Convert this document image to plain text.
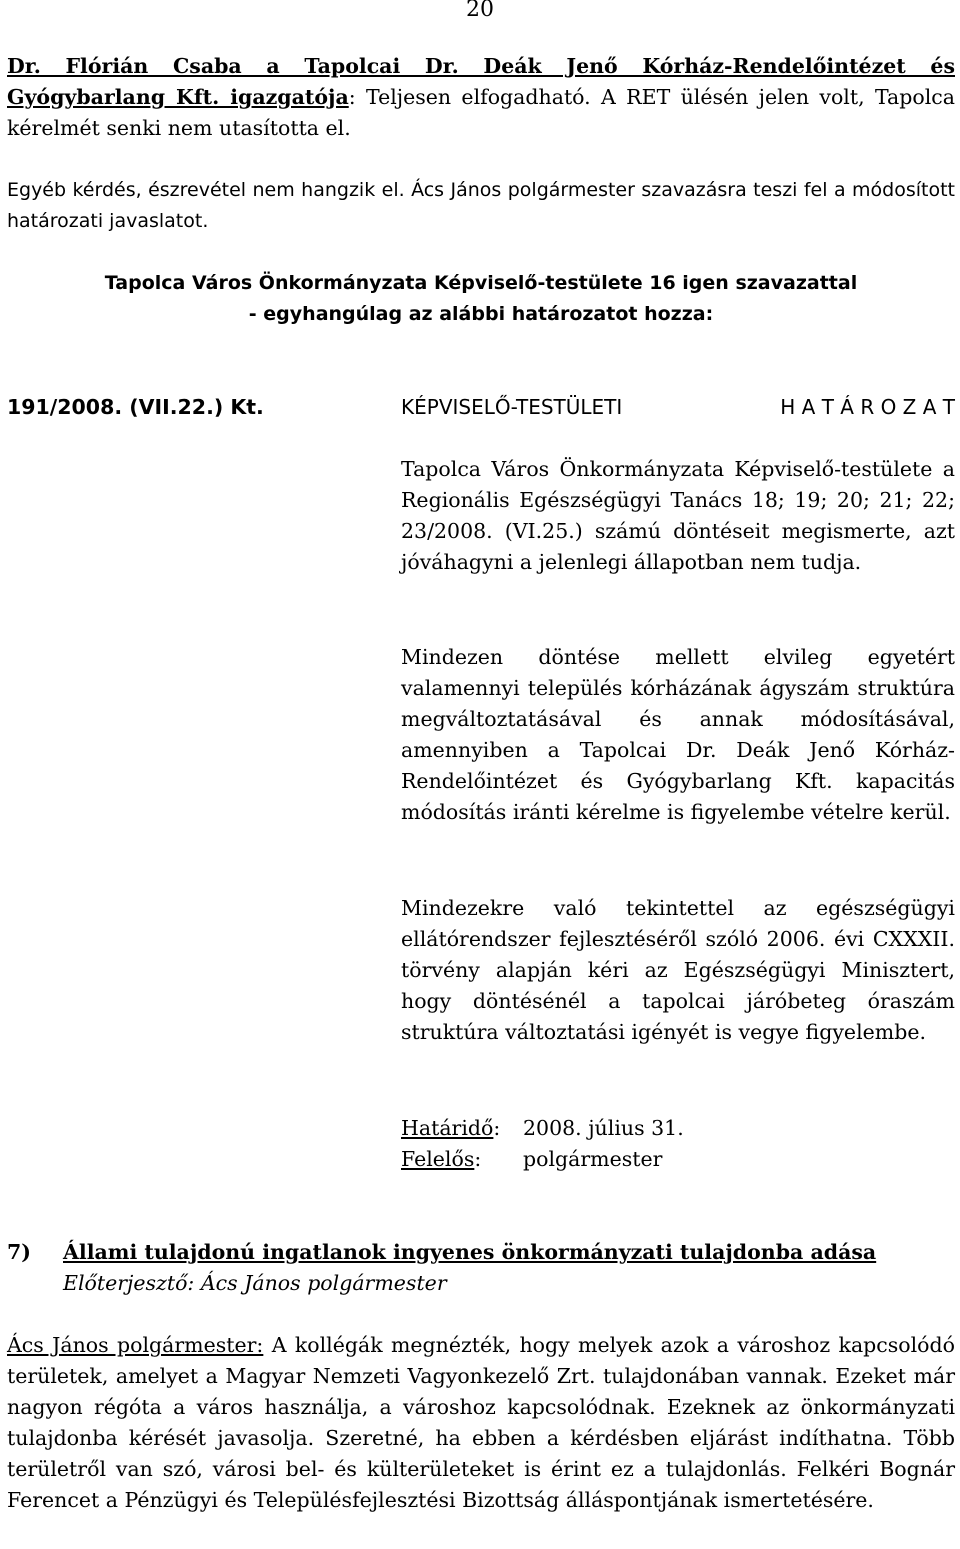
20
Dr. Flórián Csaba a Tapolcai Dr. Deák Jenő Kórház-Rendelőintézet és Gyógybarlang Kft. igazgatója: Teljesen elfogadható. A RET ülésén jelen volt, Tapolca kérelmét senki nem utasította el.
Egyéb kérdés, észrevétel nem hangzik el. Ács János polgármester szavazásra teszi fel a módosított határozati javaslatot.
Tapolca Város Önkormányzata Képviselő-testülete 16 igen szavazattal
- egyhangúlag az alábbi határozatot hozza:
191/2008. (VII.22.) Kt.	KÉPVISELŐ-TESTÜLETI	H A T Á R O Z A T
Tapolca Város Önkormányzata Képviselő-testülete a Regionális Egészségügyi Tanács 18; 19; 20; 21; 22; 23/2008. (VI.25.) számú döntéseit megismerte, azt jóváhagyni a jelenlegi állapotban nem tudja.
Mindezen döntése mellett elvileg egyetért valamennyi település kórházának ágyszám struktúra megváltoztatásával és annak módosításával, amennyiben a Tapolcai Dr. Deák Jenő Kórház-Rendelőintézet és Gyógybarlang Kft. kapacitás módosítás iránti kérelme is figyelembe vételre kerül.
Mindezekre való tekintettel az egészségügyi ellátórendszer fejlesztéséről szóló 2006. évi CXXXII. törvény alapján kéri az Egészségügyi Minisztert, hogy döntésénél a tapolcai járóbeteg óraszám struktúra változtatási igényét is vegye figyelembe.
Határidő: 2008. július 31.
Felelős: polgármester
7) Állami tulajdonú ingatlanok ingyenes önkormányzati tulajdonba adása
Előterjesztő: Ács János polgármester
Ács János polgármester: A kollégák megnézték, hogy melyek azok a városhoz kapcsolódó területek, amelyet a Magyar Nemzeti Vagyonkezelő Zrt. tulajdonában vannak. Ezeket már nagyon régóta a város használja, a városhoz kapcsolódnak. Ezeknek az önkormányzati tulajdonba kérését javasolja. Szeretné, ha ebben a kérdésben eljárást indíthatna. Több területről van szó, városi bel- és külterületeket is érint ez a tulajdonlás. Felkéri Bognár Ferencet a Pénzügyi és Településfejlesztési Bizottság álláspontjának ismertetésére.
